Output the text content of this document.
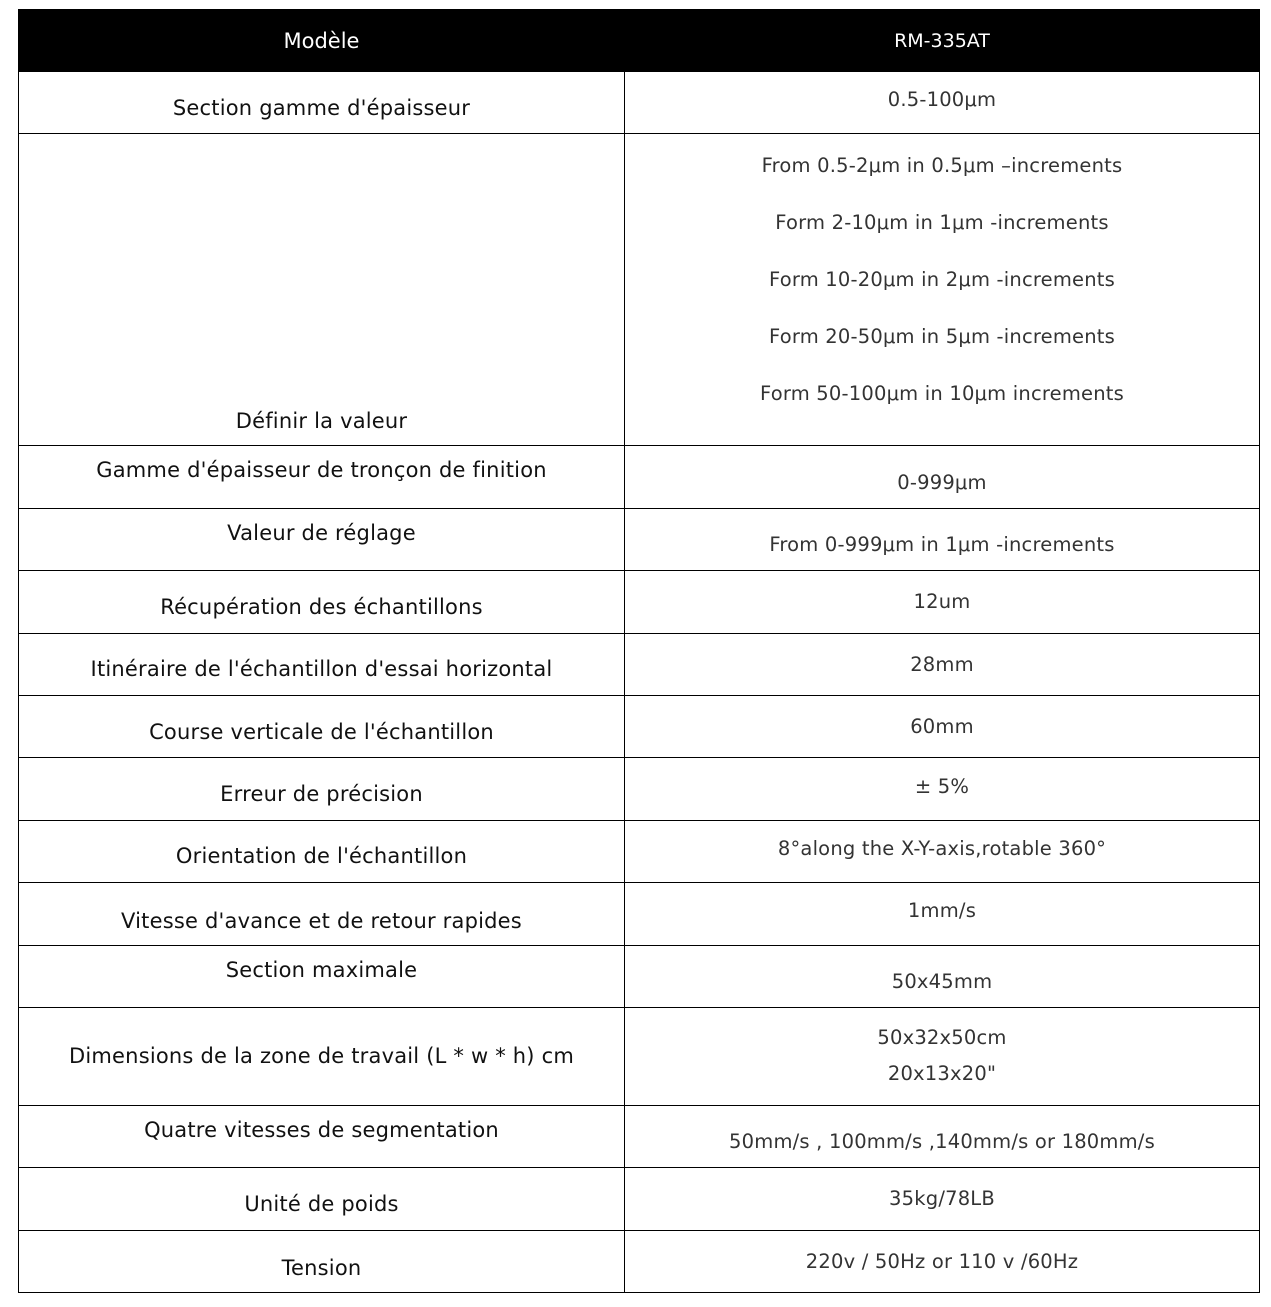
Modèle	RM-335AT
Section gamme d'épaisseur	0.5-100μm
Définir la valeur	From 0.5-2μm in 0.5μm –increments
Form 2-10μm in 1μm -increments
Form 10-20μm in 2μm -increments
Form 20-50μm in 5μm -increments
Form 50-100μm in 10μm increments

Gamme d'épaisseur de tronçon de finition	0-999μm
Valeur de réglage	From 0-999μm in 1μm -increments
Récupération des échantillons	12um
Itinéraire de l'échantillon d'essai horizontal	28mm
Course verticale de l'échantillon	60mm
Erreur de précision	± 5%
Orientation de l'échantillon	8°along the X-Y-axis,rotable 360°
Vitesse d'avance et de retour rapides	1mm/s
Section maximale	50x45mm
Dimensions de la zone de travail (L * w * h) cm	50x32x50cm
20x13x20"

Quatre vitesses de segmentation	50mm/s , 100mm/s ,140mm/s or 180mm/s
Unité de poids	35kg/78LB
Tension	220v / 50Hz or 110 v /60Hz
